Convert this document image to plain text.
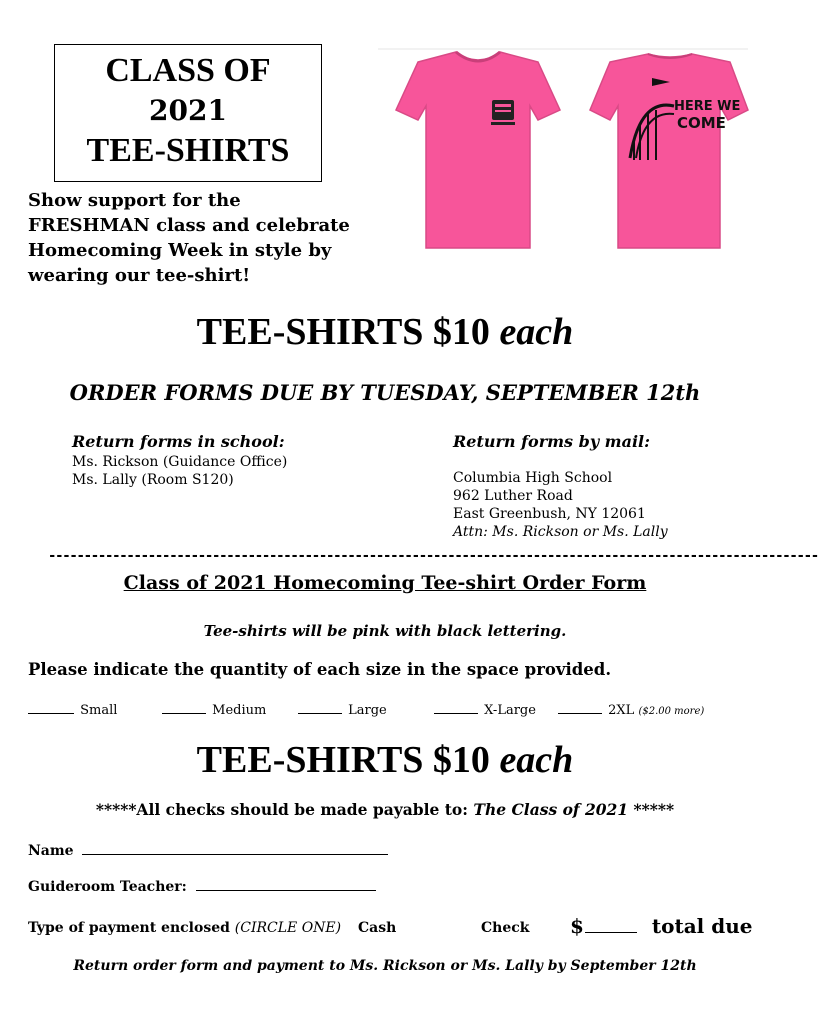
CLASS OF
2021
TEE-SHIRTS
Show support for the
FRESHMAN class and celebrate
Homecoming Week in style by
wearing our tee-shirt!
HERE WE
COME
TEE-SHIRTS $10 each
ORDER FORMS DUE BY TUESDAY, SEPTEMBER 12th
Return forms in school:
Ms. Rickson (Guidance Office)
Ms. Lally (Room S120)
Return forms by mail:
Columbia High School
962 Luther Road
East Greenbush, NY 12061
Attn: Ms. Rickson or Ms. Lally
------------------------------------------------------------------------------------------------------------
Class of 2021 Homecoming Tee-shirt Order Form
Tee-shirts will be pink with black lettering.
Please indicate the quantity of each size in the space provided.
Small	Medium	Large	X-Large	2XL ($2.00 more)
TEE-SHIRTS $10 each
*****All checks should be made payable to: The Class of 2021 *****
Name
Guideroom Teacher:
Type of payment enclosed (CIRCLE ONE) Cash	Check $	total due
Return order form and payment to Ms. Rickson or Ms. Lally by September 12th
